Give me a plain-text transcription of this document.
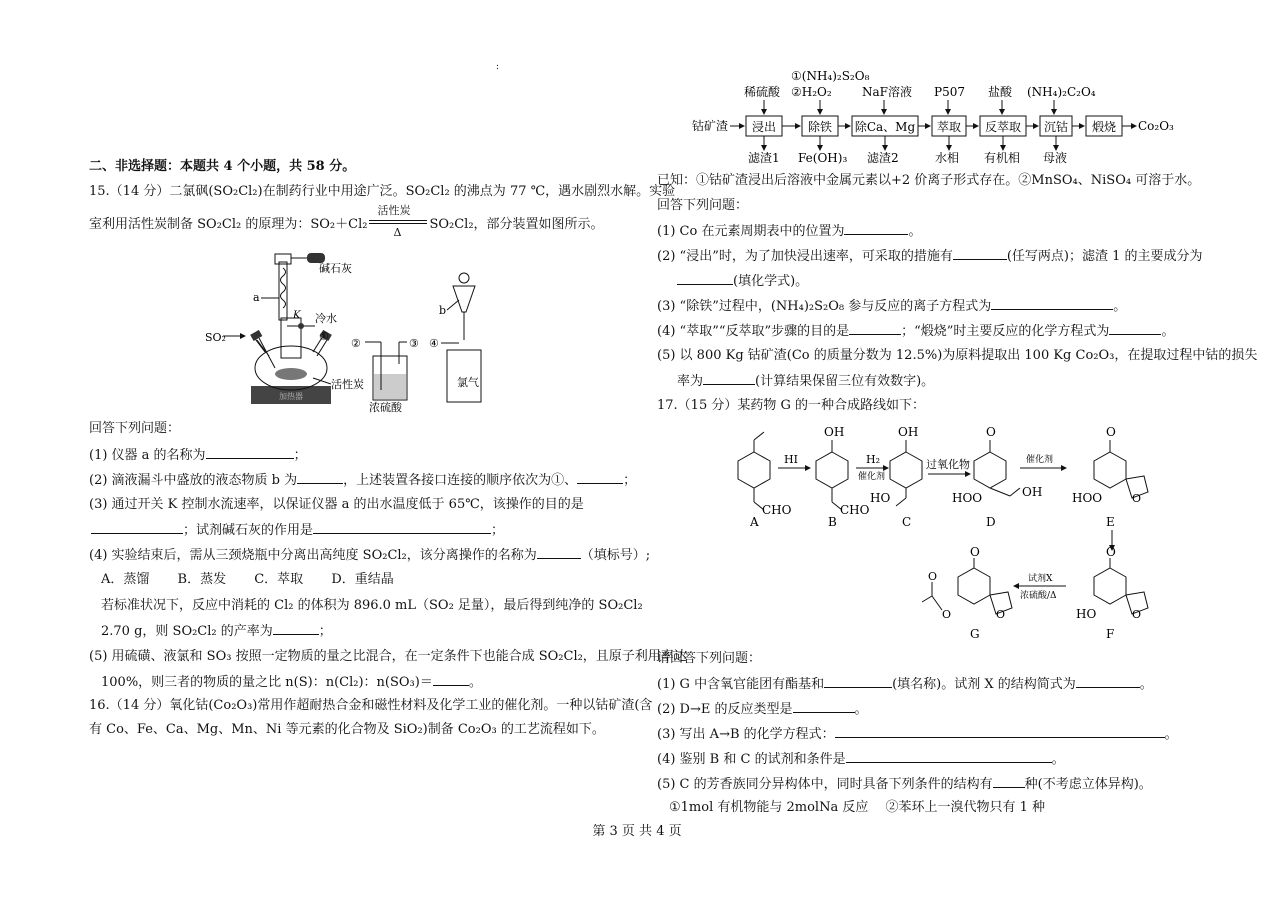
:
二、非选择题：本题共 4 个小题，共 58 分。
15.（14 分）二氯砜(SO₂Cl₂)在制药行业中用途广泛。SO₂Cl₂ 的沸点为 77 ℃，遇水剧烈水解。实验
室利用活性炭制备 SO₂Cl₂ 的原理为：SO₂＋Cl₂
活性炭
Δ
SO₂Cl₂，部分装置如图所示。
加热器
SO₂
碱石灰
a
K 冷水
①
活性炭
②	③
浓硫酸
b
④
氯气
回答下列问题：
(1) 仪器 a 的名称为	；
(2) 滴液漏斗中盛放的液态物质 b 为	，上述装置各接口连接的顺序依次为①、	；
(3) 通过开关 K 控制水流速率，以保证仪器 a 的出水温度低于 65℃，该操作的目的是
；试剂碱石灰的作用是	；
(4) 实验结束后，需从三颈烧瓶中分离出高纯度 SO₂Cl₂，该分离操作的名称为	（填标号）;
A．蒸馏 B．蒸发 C．萃取 D．重结晶
若标准状况下，反应中消耗的 Cl₂ 的体积为 896.0 mL（SO₂ 足量），最后得到纯净的 SO₂Cl₂
2.70 g，则 SO₂Cl₂ 的产率为	；
(5) 用硫磺、液氯和 SO₃ 按照一定物质的量之比混合，在一定条件下也能合成 SO₂Cl₂，且原子利用率达
100%，则三者的物质的量之比 n(S)：n(Cl₂)：n(SO₃)＝	。
16.（14 分）氧化钴(Co₂O₃)常用作超耐热合金和磁性材料及化学工业的催化剂。一种以钴矿渣(含
有 Co、Fe、Ca、Mg、Mn、Ni 等元素的化合物及 SiO₂)制备 Co₂O₃ 的工艺流程如下。
稀硫酸
①(NH₄)₂S₂O₈
②H₂O₂	NaF溶液 P507 盐酸 (NH₄)₂C₂O₄
钴矿渣 浸出	除铁 除Ca、Mg 萃取 反萃取 沉钴 煅烧 Co₂O₃
滤渣1 Fe(OH)₃ 滤渣2	水相 有机相 母液
已知：①钴矿渣浸出后溶液中金属元素以+2 价离子形式存在。②MnSO₄、NiSO₄ 可溶于水。
回答下列问题：
(1) Co 在元素周期表中的位置为	。
(2) “浸出”时，为了加快浸出速率，可采取的措施有	(任写两点)；滤渣 1 的主要成分为
(填化学式)。
(3) “除铁”过程中，(NH₄)₂S₂O₈ 参与反应的离子方程式为	。
(4) “萃取”“反萃取”步骤的目的是	；“煅烧”时主要反应的化学方程式为	。
(5) 以 800 Kg 钴矿渣(Co 的质量分数为 12.5%)为原料提取出 100 Kg Co₂O₃，在提取过程中钴的损失
率为	(计算结果保留三位有效数字)。
17.（15 分）某药物 G 的一种合成路线如下：
CHO
A
HI
OH
CHO
B
H₂
催化剂
OH
HO
C
过氧化物
O
OH
HOO
D
催化剂
O
O
HOO
E
O
O
HO
F
试剂X
浓硫酸/Δ
O
O
O
O
G
请回答下列问题：
(1) G 中含氧官能团有酯基和	(填名称)。试剂 X 的结构简式为	。
(2) D→E 的反应类型是	。
(3) 写出 A→B 的化学方程式：	。
(4) 鉴别 B 和 C 的试剂和条件是	。
(5) C 的芳香族同分异构体中，同时具备下列条件的结构有 种(不考虑立体异构)。
①1mol 有机物能与 2molNa 反应　 ②苯环上一溴代物只有 1 种
第 3 页 共 4 页
